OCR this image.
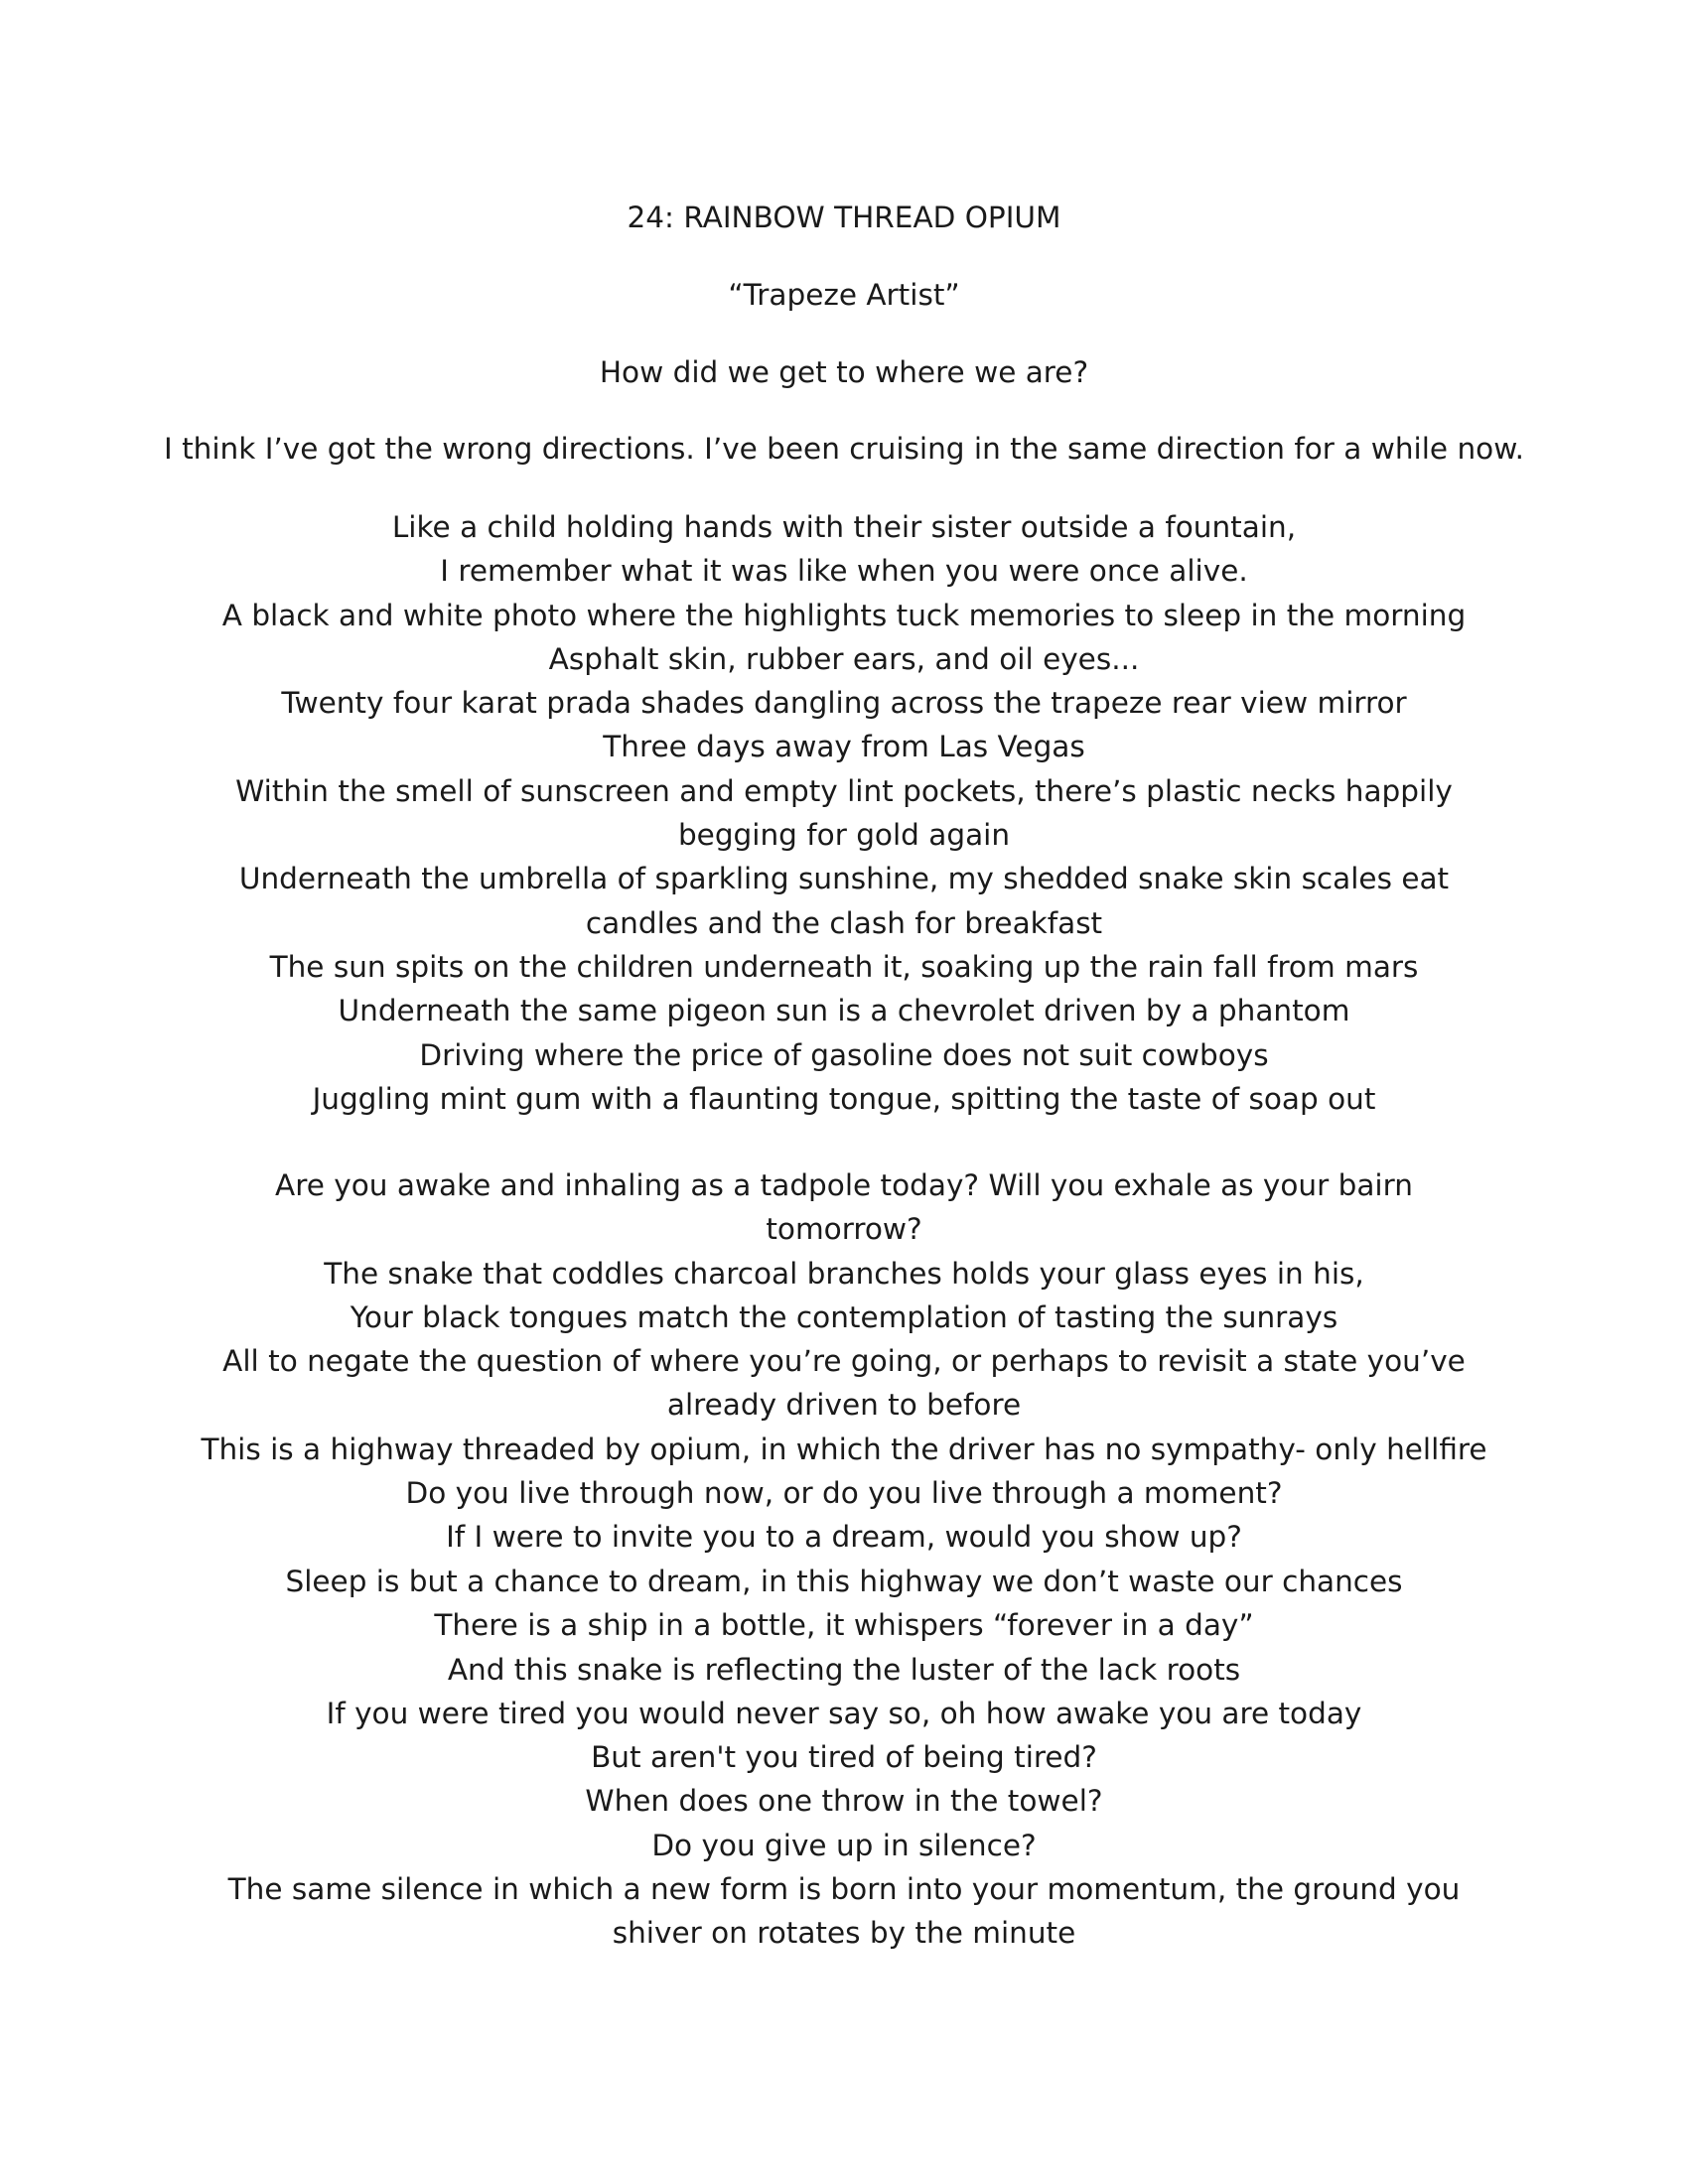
24: RAINBOW THREAD OPIUM
“Trapeze Artist”
How did we get to where we are?
I think I’ve got the wrong directions. I’ve been cruising in the same direction for a while now.
Like a child holding hands with their sister outside a fountain,
I remember what it was like when you were once alive.
A black and white photo where the highlights tuck memories to sleep in the morning
Asphalt skin, rubber ears, and oil eyes...
Twenty four karat prada shades dangling across the trapeze rear view mirror
Three days away from Las Vegas
Within the smell of sunscreen and empty lint pockets, there’s plastic necks happily begging for gold again
Underneath the umbrella of sparkling sunshine, my shedded snake skin scales eat candles and the clash for breakfast
The sun spits on the children underneath it, soaking up the rain fall from mars
Underneath the same pigeon sun is a chevrolet driven by a phantom
Driving where the price of gasoline does not suit cowboys
Juggling mint gum with a flaunting tongue, spitting the taste of soap out
Are you awake and inhaling as a tadpole today? Will you exhale as your bairn tomorrow?
The snake that coddles charcoal branches holds your glass eyes in his,
Your black tongues match the contemplation of tasting the sunrays
All to negate the question of where you’re going, or perhaps to revisit a state you’ve already driven to before
This is a highway threaded by opium, in which the driver has no sympathy- only hellfire
Do you live through now, or do you live through a moment?
If I were to invite you to a dream, would you show up?
Sleep is but a chance to dream, in this highway we don’t waste our chances
There is a ship in a bottle, it whispers “forever in a day”
And this snake is reflecting the luster of the lack roots
If you were tired you would never say so, oh how awake you are today
But aren't you tired of being tired?
When does one throw in the towel?
Do you give up in silence?
The same silence in which a new form is born into your momentum, the ground you shiver on rotates by the minute
